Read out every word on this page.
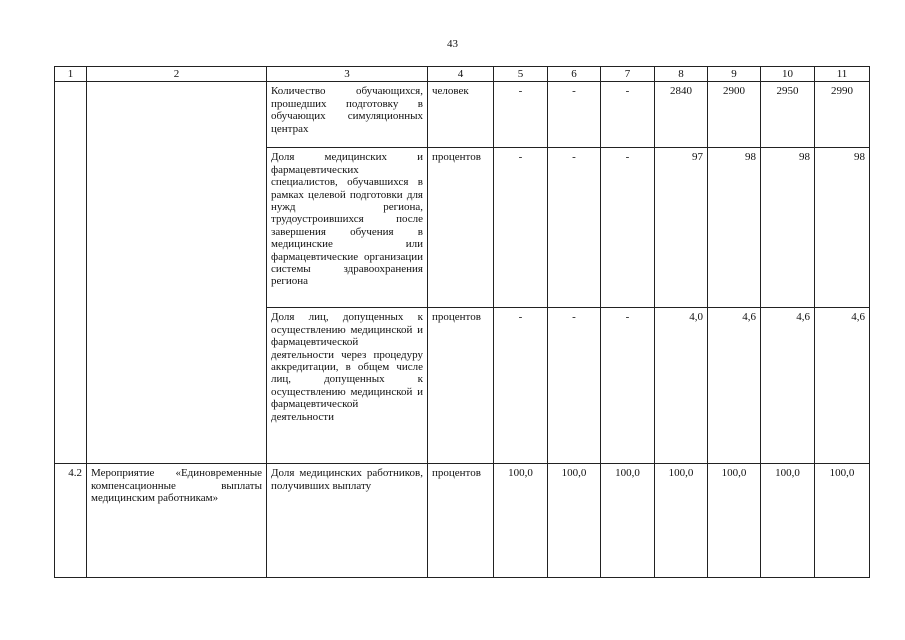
43
1	2	3	4	5	6	7	8	9	10	11
		Количество обучающихся, прошедших подготовку в обучающих симуляционных центрах	человек	-	-	-	2840	2900	2950	2990
		Доля медицинских и фармацевтических специалистов, обучавшихся в рамках целевой подготовки для нужд региона, трудоустроившихся после завершения обучения в медицинские или фармацевтические организации системы здравоохранения региона	процентов	-	-	-	97	98	98	98
		Доля лиц, допущенных к осуществлению медицинской и фармацевтической деятельности через процедуру аккредитации, в общем числе лиц, допущенных к осуществлению медицинской и фармацевтической деятельности	процентов	-	-	-	4,0	4,6	4,6	4,6
4.2	Мероприятие «Единовременные компенсационные выплаты медицинским работникам»	Доля медицинских работников, получивших выплату	процентов	100,0	100,0	100,0	100,0	100,0	100,0	100,0
